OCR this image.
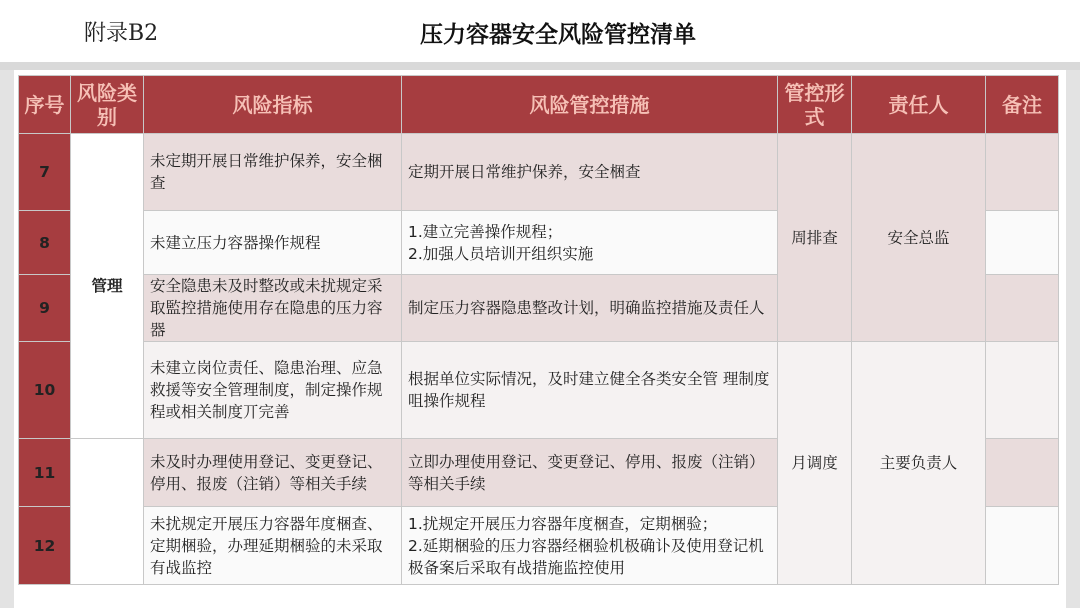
附录B2	压力容器安全风险管控清单
序号	风险类别	风险指标	风险管控措施	管控形式	责任人	备注
7	管理	未定期开展日常维护保养，安全梱查	定期开展日常维护保养，安全梱查	周排查	安全总监	
8		未建立压力容器操作规程	1.建立完善操作规程；
2.加强人员培训开组织实施			

9		安全隐患未及时整改或未扰规定采取監控措施使用存在隐患的压力容器	制定压力容器隐患整改计划，明确监控措施及责任人			

10		未建立岗位责任、隐患治理、应急救援等安全管理制度，制定操作规程或相关制度丌完善	根据单位实际情况，及时建立健全各类安全管 理制度咀操作规程	月调度	主要负责人	
11		未及时办理使用登记、变更登记、停用、报废（注销）等相关手续	立即办理使用登记、变更登记、停用、报废（注销）等相关手续			

12		未扰规定开展压力容器年度梱查、定期梱验，办理延期梱验的未采取有战监控	1.扰规定开展压力容器年度梱查，定期梱验；
2.延期梱验的压力容器经梱验机极确讣及使用登记机极备案后采取有战措施监控使用			
